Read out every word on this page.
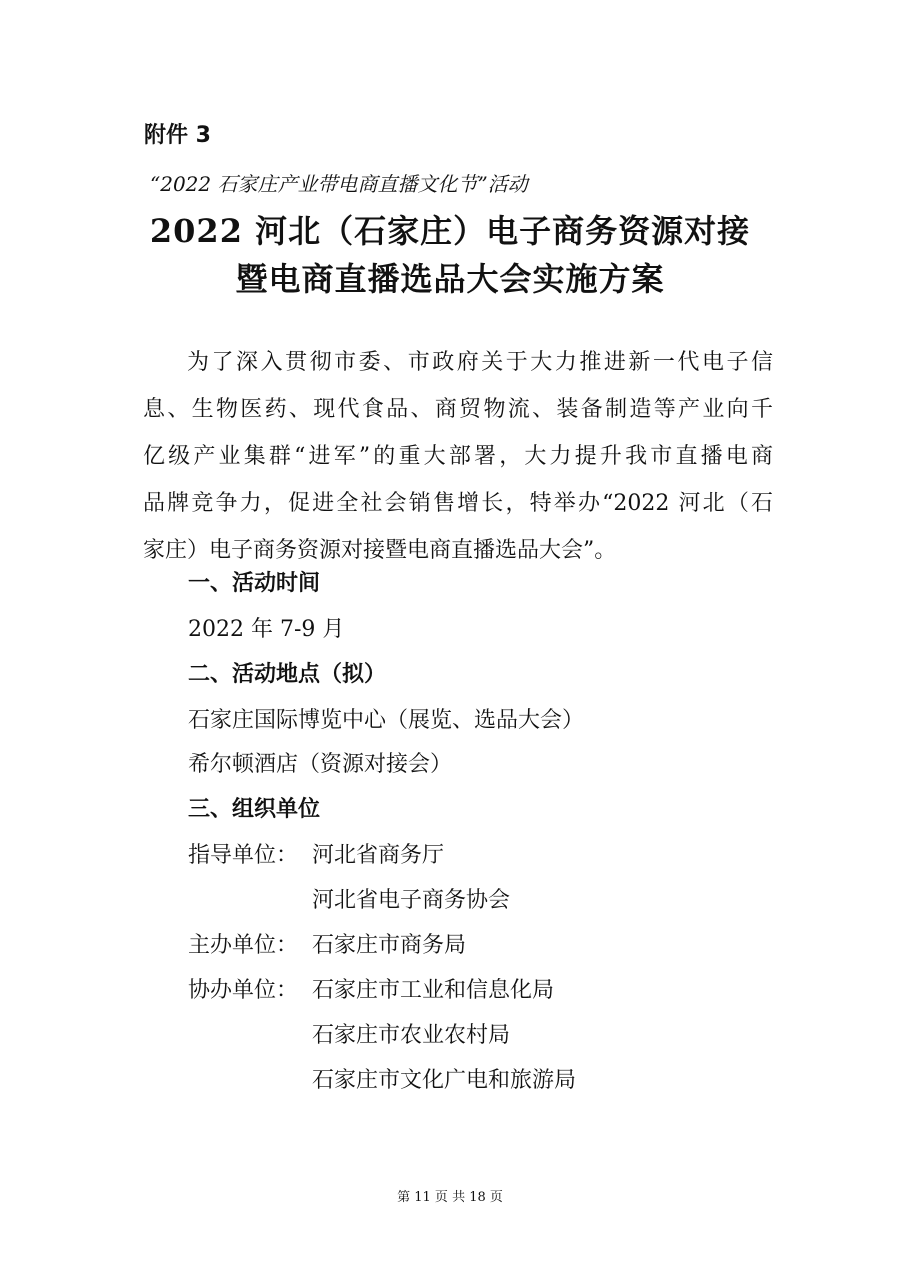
附件 3
“2022 石家庄产业带电商直播文化节”活动
2022 河北（石家庄）电子商务资源对接
暨电商直播选品大会实施方案
为了深入贯彻市委、市政府关于大力推进新一代电子信
息、生物医药、现代食品、商贸物流、装备制造等产业向千
亿级产业集群“进军”的重大部署，大力提升我市直播电商
品牌竞争力，促进全社会销售增长，特举办“2022 河北（石
家庄）电子商务资源对接暨电商直播选品大会”。
一、活动时间
2022 年 7-9 月
二、活动地点（拟）
石家庄国际博览中心（展览、选品大会）
希尔顿酒店（资源对接会）
三、组织单位
指导单位： 河北省商务厅
河北省电子商务协会
主办单位： 石家庄市商务局
协办单位： 石家庄市工业和信息化局
石家庄市农业农村局
石家庄市文化广电和旅游局
第 11 页 共 18 页
